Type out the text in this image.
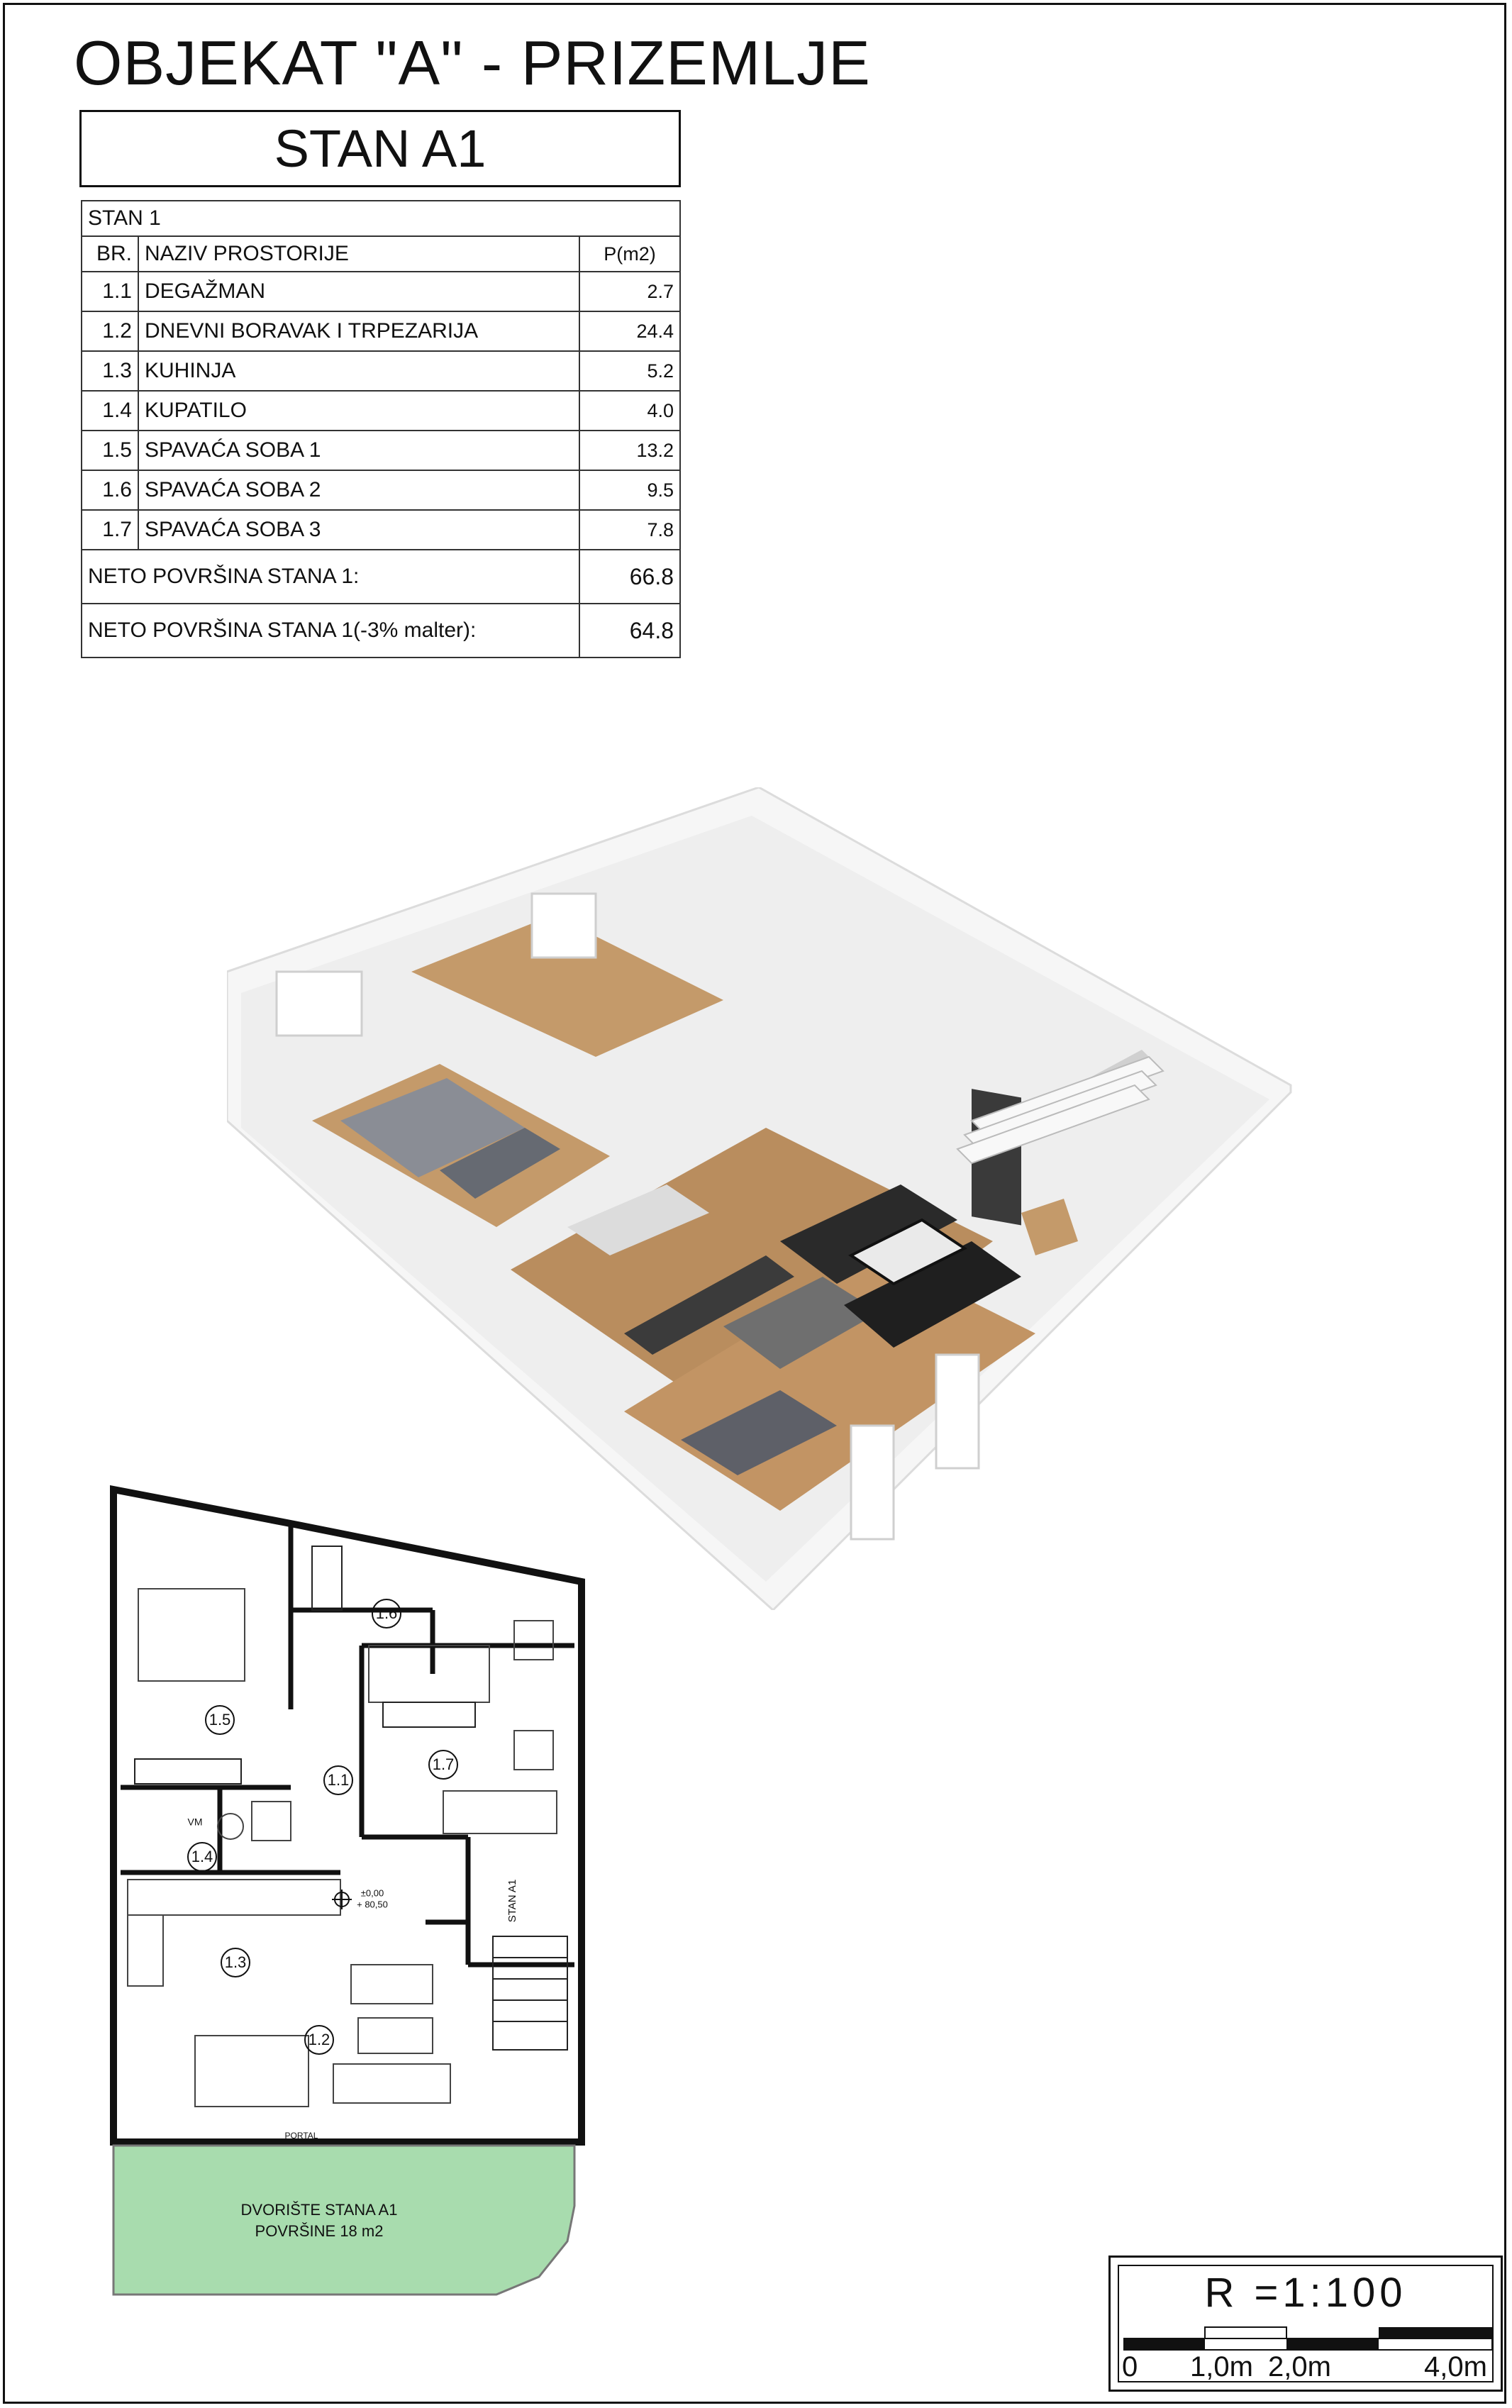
OBJEKAT "A" - PRIZEMLJE
STAN A1
STAN 1		
BR.	NAZIV PROSTORIJE	P(m2)
1.1	DEGAŽMAN	2.7
1.2	DNEVNI BORAVAK I TRPEZARIJA	24.4
1.3	KUHINJA	5.2
1.4	KUPATILO	4.0
1.5	SPAVAĆA SOBA 1	13.2
1.6	SPAVAĆA SOBA 2	9.5
1.7	SPAVAĆA SOBA 3	7.8
NETO POVRŠINA STANA 1:		66.8
NETO POVRŠINA STANA 1(-3% malter):		64.8
1.1
1.2
1.3
1.4
1.5
1.6
1.7
VM
±0,00
+ 80,50
PORTAL
DVORIŠTE STANA A1
POVRŠINE 18 m2
STAN A1
R =1:100
0 1,0m 2,0m	4,0m
